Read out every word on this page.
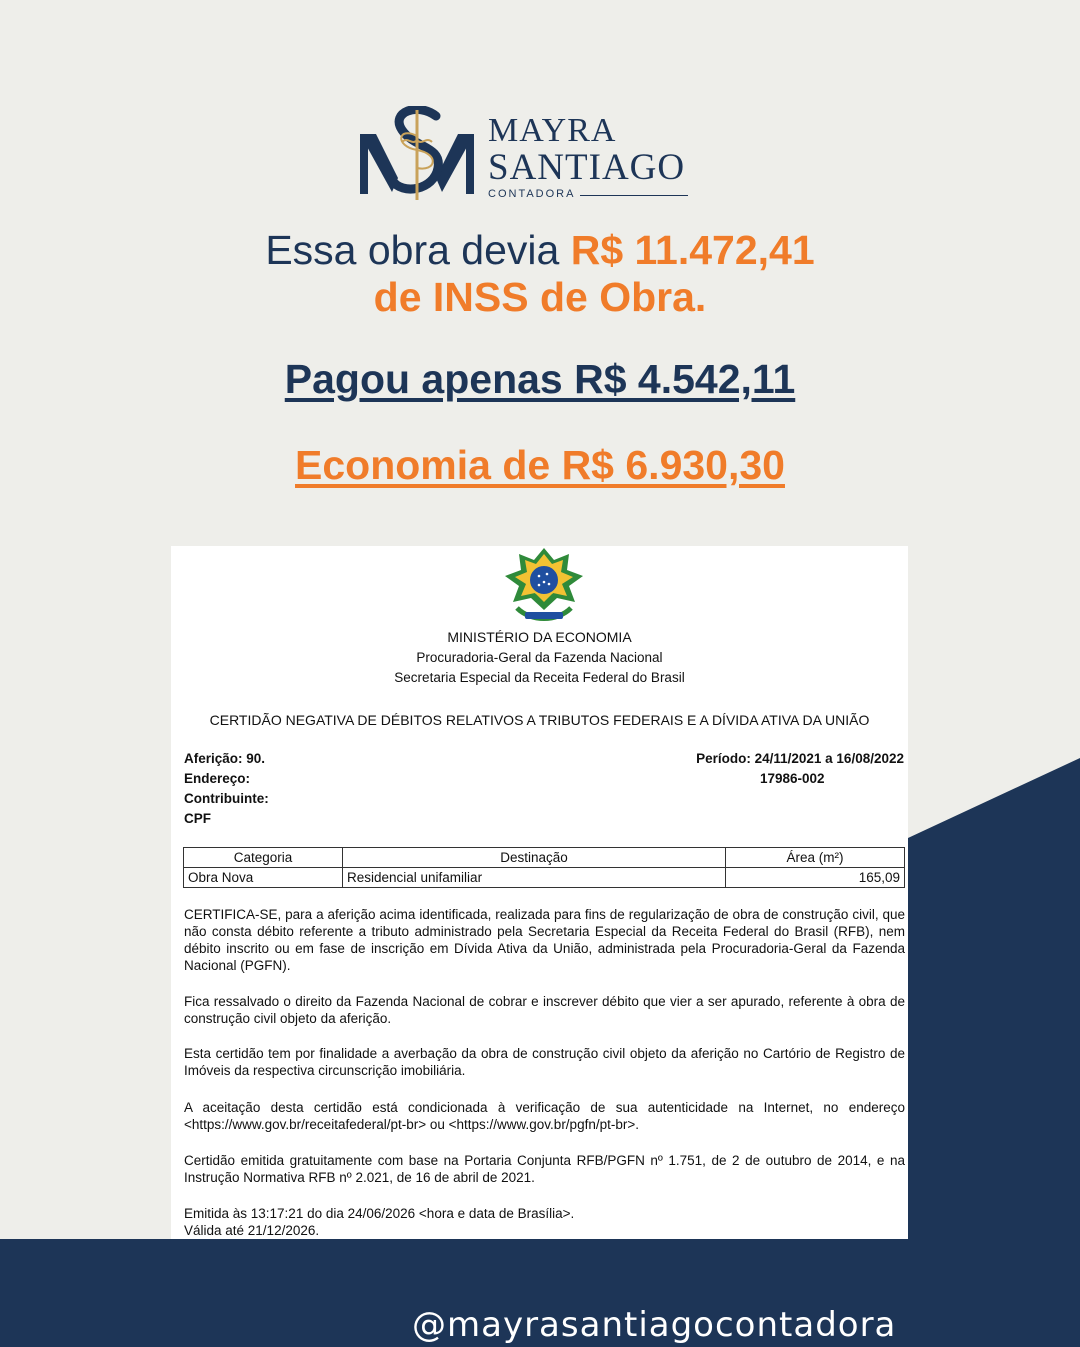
MAYRA
SANTIAGO
CONTADORA

Essa obra devia R$ 11.472,41

de INSS de Obra.

Pagou apenas R$ 4.542,11

Economia de R$ 6.930,30

MINISTÉRIO DA ECONOMIA
Procuradoria-Geral da Fazenda Nacional
Secretaria Especial da Receita Federal do Brasil
CERTIDÃO NEGATIVA DE DÉBITOS RELATIVOS A TRIBUTOS FEDERAIS E A DÍVIDA ATIVA DA UNIÃO
Aferição: 90.
Endereço:
Contribuinte:
CPF
Período: 24/11/2021 a 16/08/2022
17986-002
Categoria	Destinação	Área (m²)
Obra Nova	Residencial unifamiliar	165,09

CERTIFICA-SE, para a aferição acima identificada, realizada para fins de regularização de obra de construção civil, que não consta débito referente a tributo administrado pela Secretaria Especial da Receita Federal do Brasil (RFB), nem débito inscrito ou em fase de inscrição em Dívida Ativa da União, administrada pela Procuradoria-Geral da Fazenda Nacional (PGFN).

Fica ressalvado o direito da Fazenda Nacional de cobrar e inscrever débito que vier a ser apurado, referente à obra de construção civil objeto da aferição.

Esta certidão tem por finalidade a averbação da obra de construção civil objeto da aferição no Cartório de Registro de Imóveis da respectiva circunscrição imobiliária.

A aceitação desta certidão está condicionada à verificação de sua autenticidade na Internet, no endereço <https://www.gov.br/receitafederal/pt-br> ou <https://www.gov.br/pgfn/pt-br>.

Certidão emitida gratuitamente com base na Portaria Conjunta RFB/PGFN nº 1.751, de 2 de outubro de 2014, e na Instrução Normativa RFB nº 2.021, de 16 de abril de 2021.

Emitida às 13:17:21 do dia 24/06/2026 <hora e data de Brasília>.
Válida até 21/12/2026.
@mayrasantiagocontadora
